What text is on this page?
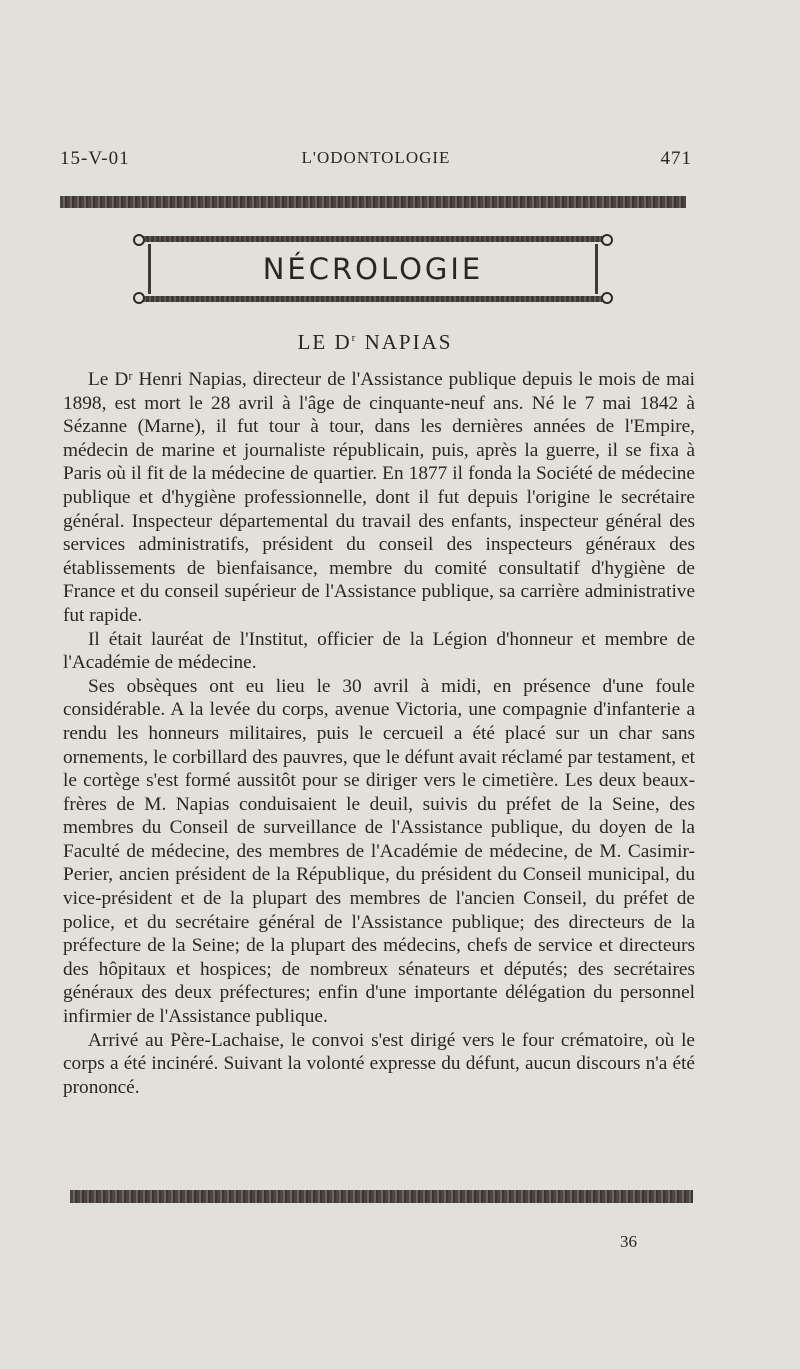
15-V-01	L'ODONTOLOGIE	471
NÉCROLOGIE
LE $D^r$ NAPIAS

Le Dʳ Henri Napias, directeur de l'Assistance publique depuis le mois de mai 1898, est mort le 28 avril à l'âge de cinquante-neuf ans. Né le 7 mai 1842 à Sézanne (Marne), il fut tour à tour, dans les dernières années de l'Empire, médecin de marine et journaliste républicain, puis, après la guerre, il se fixa à Paris où il fit de la médecine de quartier. En 1877 il fonda la Société de médecine publique et d'hygiène professionnelle, dont il fut depuis l'origine le secrétaire général. Inspecteur départemental du travail des enfants, inspecteur général des services administratifs, président du conseil des inspecteurs généraux des établissements de bienfaisance, membre du comité consultatif d'hygiène de France et du conseil supérieur de l'Assistance publique, sa carrière administrative fut rapide.

Il était lauréat de l'Institut, officier de la Légion d'honneur et membre de l'Académie de médecine.

Ses obsèques ont eu lieu le 30 avril à midi, en présence d'une foule considérable. A la levée du corps, avenue Victoria, une compagnie d'infanterie a rendu les honneurs militaires, puis le cercueil a été placé sur un char sans ornements, le corbillard des pauvres, que le défunt avait réclamé par testament, et le cortège s'est formé aussitôt pour se diriger vers le cimetière. Les deux beaux-frères de M. Napias conduisaient le deuil, suivis du préfet de la Seine, des membres du Conseil de surveillance de l'Assistance publique, du doyen de la Faculté de médecine, des membres de l'Académie de médecine, de M. Casimir-Perier, ancien président de la République, du président du Conseil municipal, du vice-président et de la plupart des membres de l'ancien Conseil, du préfet de police, et du secrétaire général de l'Assistance publique; des directeurs de la préfecture de la Seine; de la plupart des médecins, chefs de service et directeurs des hôpitaux et hospices; de nombreux sénateurs et députés; des secrétaires généraux des deux préfectures; enfin d'une importante délégation du personnel infirmier de l'Assistance publique.

Arrivé au Père-Lachaise, le convoi s'est dirigé vers le four crématoire, où le corps a été incinéré. Suivant la volonté expresse du défunt, aucun discours n'a été prononcé.

36
